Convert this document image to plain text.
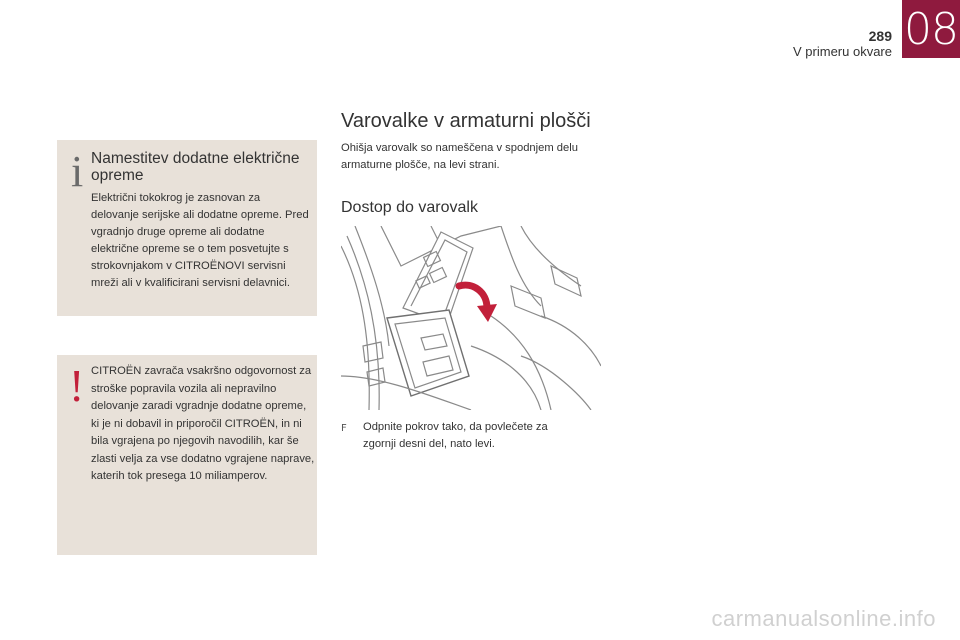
289
V primeru okvare 08
i Namestitev dodatne električne opreme
Električni tokokrog je zasnovan za delovanje serijske ali dodatne opreme. Pred vgradnjo druge opreme ali dodatne električne opreme se o tem posvetujte s strokovnjakom v CITROËNOVI servisni mreži ali v kvalificirani servisni delavnici.
! CITROËN zavrača vsakršno odgovornost za stroške popravila vozila ali nepravilno delovanje zaradi vgradnje dodatne opreme, ki je ni dobavil in priporočil CITROËN, in ni bila vgrajena po njegovih navodilih, kar še zlasti velja za vse dodatno vgrajene naprave, katerih tok presega 10 miliamperov.
Varovalke v armaturni plošči
Ohišja varovalk so nameščena v spodnjem delu armaturne plošče, na levi strani.
Dostop do varovalk
F	Odpnite pokrov tako, da povlečete za zgornji desni del, nato levi.
carmanualsonline.info
